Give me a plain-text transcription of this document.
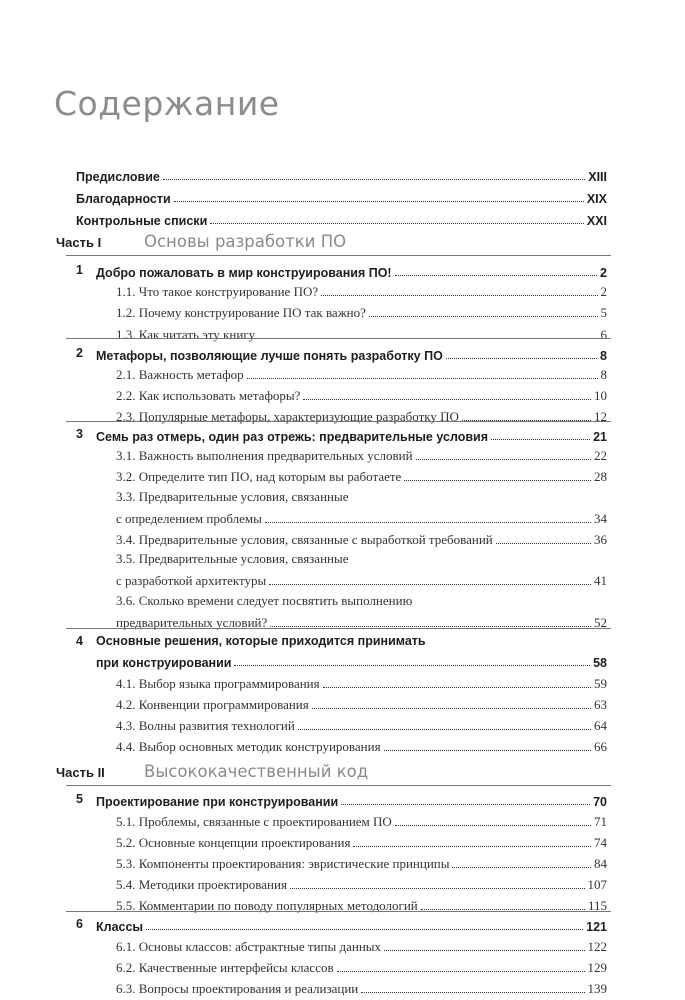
Содержание
Предисловие	XIII
Благодарности	XIX
Контрольные списки	XXI
Часть I	Основы разработки ПО
1	Добро пожаловать в мир конструирования ПО!	2
1.1. Что такое конструирование ПО?	2
1.2. Почему конструирование ПО так важно?	5
1.3. Как читать эту книгу	6
2	Метафоры, позволяющие лучше понять разработку ПО	8
2.1. Важность метафор	8
2.2. Как использовать метафоры?	10
2.3. Популярные метафоры, характеризующие разработку ПО	12
3	Семь раз отмерь, один раз отрежь: предварительные условия	21
3.1. Важность выполнения предварительных условий	22
3.2. Определите тип ПО, над которым вы работаете	28
3.3. Предварительные условия, связанные
с определением проблемы	34
3.4. Предварительные условия, связанные с выработкой требований	36
3.5. Предварительные условия, связанные
с разработкой архитектуры	41
3.6. Сколько времени следует посвятить выполнению
предварительных условий?	52
4	Основные решения, которые приходится принимать
при конструировании	58
4.1. Выбор языка программирования	59
4.2. Конвенции программирования	63
4.3. Волны развития технологий	64
4.4. Выбор основных методик конструирования	66
Часть II	Высококачественный код
5	Проектирование при конструировании	70
5.1. Проблемы, связанные с проектированием ПО	71
5.2. Основные концепции проектирования	74
5.3. Компоненты проектирования: эвристические принципы	84
5.4. Методики проектирования	107
5.5. Комментарии по поводу популярных методологий	115
6	Классы	121
6.1. Основы классов: абстрактные типы данных	122
6.2. Качественные интерфейсы классов	129
6.3. Вопросы проектирования и реализации	139
